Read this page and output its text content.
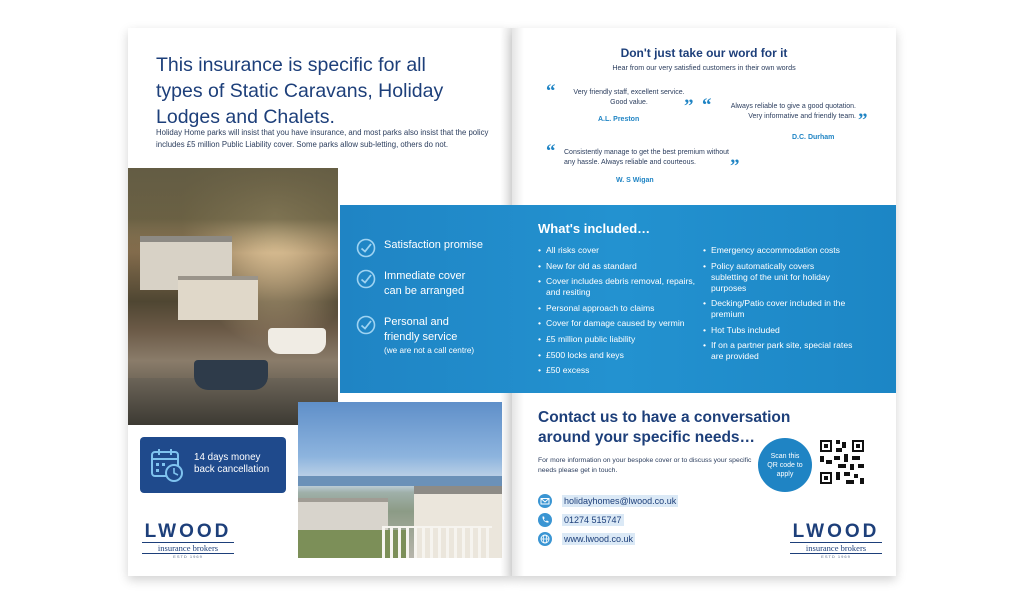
This insurance is specific for all types of Static Caravans, Holiday Lodges and Chalets.

Holiday Home parks will insist that you have insurance, and most parks also insist that the policy includes £5 million Public Liability cover. Some parks allow sub-letting, others do not.

14 days money back cancellation
LWOOD
insurance brokers
ESTD 1969
Don't just take our word for it
Hear from our very satisfied customers in their own words
“	Very friendly staff, excellent service. Good value.	”
A.L. Preston
“	Always reliable to give a good quotation. Very informative and friendly team. ”
D.C. Durham
“	Consistently manage to get the best premium without any hassle. Always reliable and courteous.	”
W. S Wigan
Contact us to have a conversation around your specific needs…

For more information on your bespoke cover or to discuss your specific needs please get in touch.

Scan this QR code to apply
holidayhomes@lwood.co.uk
01274 515747
www.lwood.co.uk	LWOOD
insurance brokers
ESTD 1969
Satisfaction promise
Immediate cover can be arranged
Personal and friendly service
(we are not a call centre)
What's included…
• All risks cover
• New for old as standard
• Cover includes debris removal, repairs, and resiting
• Personal approach to claims
• Cover for damage caused by vermin
• £5 million public liability
• £500 locks and keys
• £50 excess
• Emergency accommodation costs
• Policy automatically covers subletting of the unit for holiday purposes
• Decking/Patio cover included in the premium
• Hot Tubs included
• If on a partner park site, special rates are provided
